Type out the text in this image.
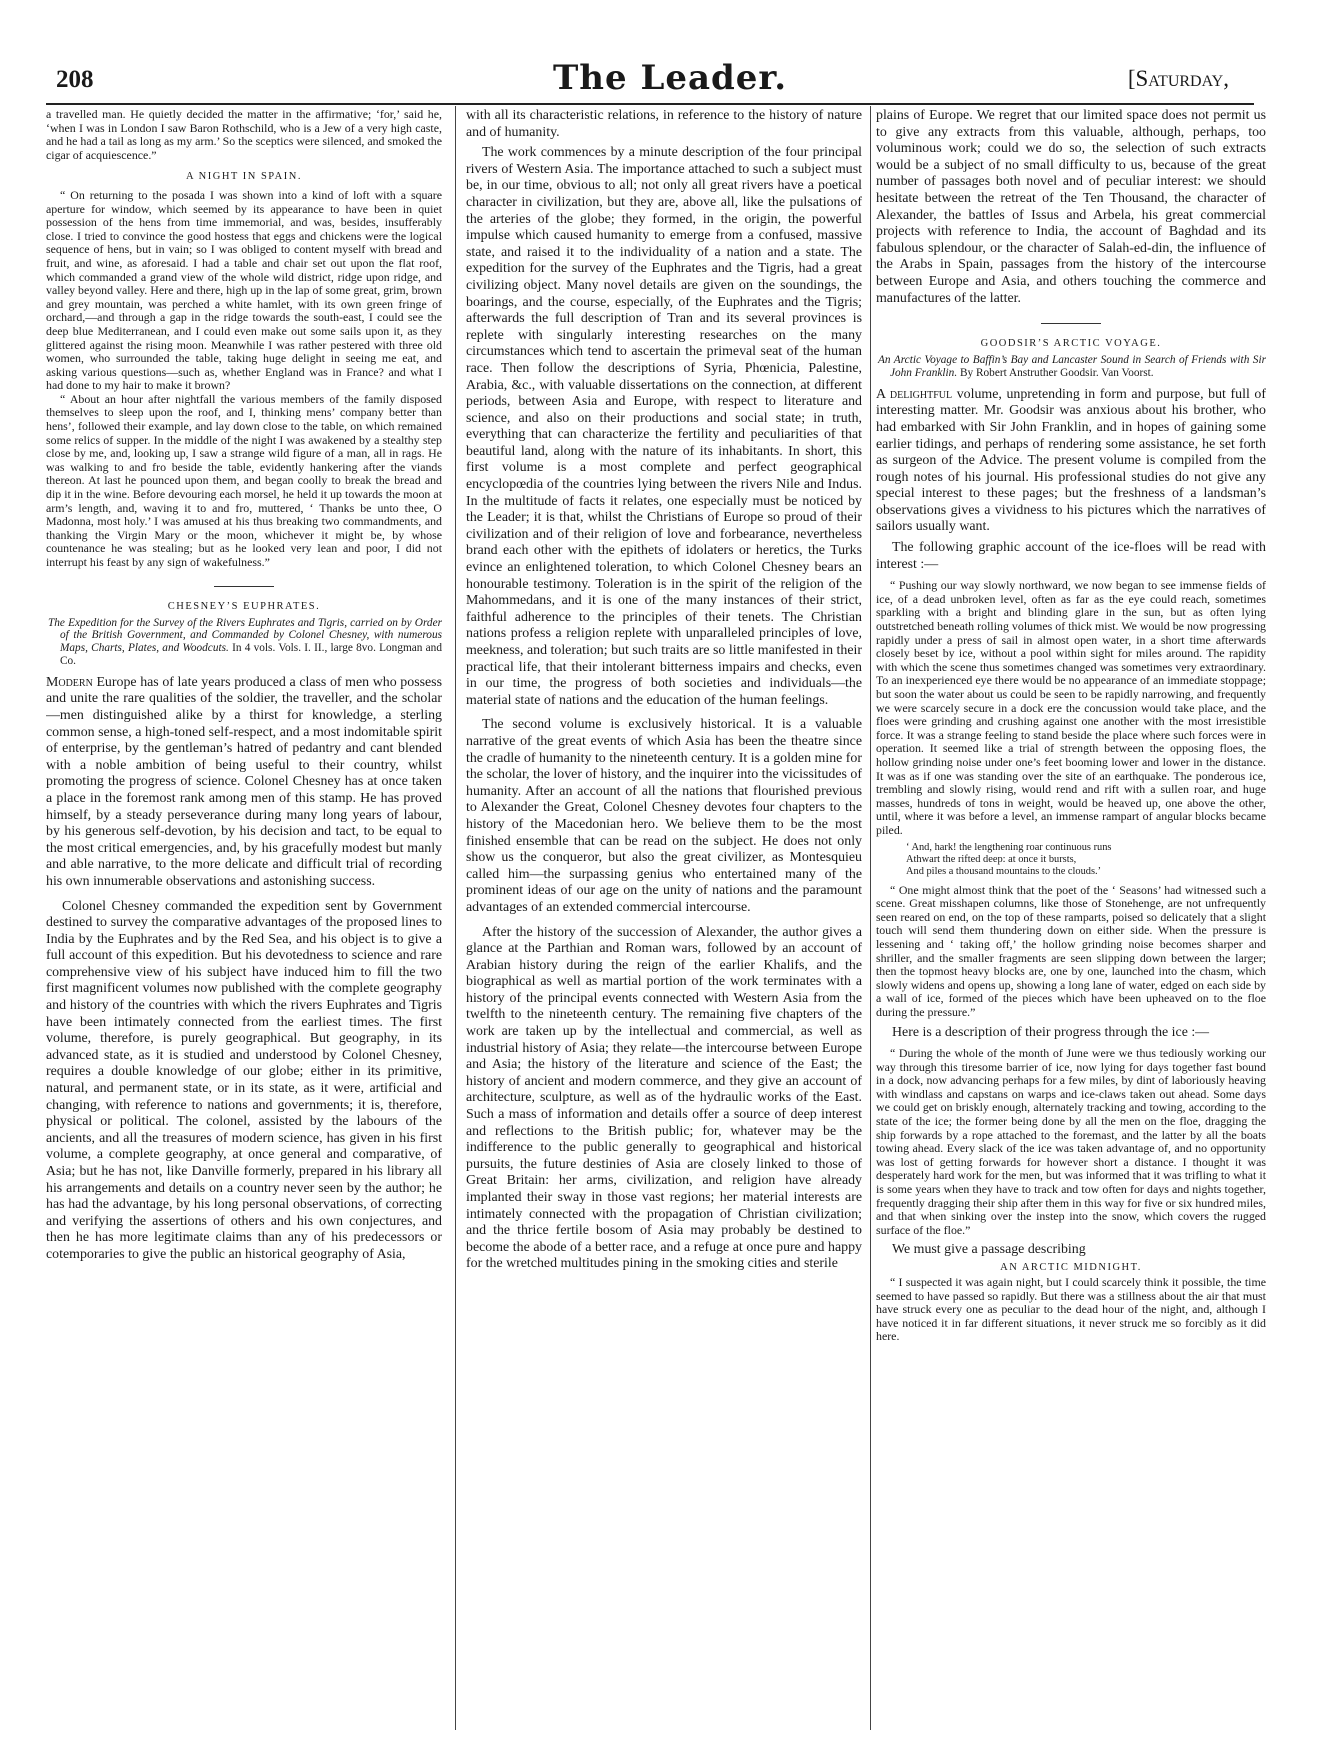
208	The Leader.	[Saturday,

a travelled man. He quietly decided the matter in the affirmative; ‘for,’ said he, ‘when I was in London I saw Baron Rothschild, who is a Jew of a very high caste, and he had a tail as long as my arm.’ So the sceptics were silenced, and smoked the cigar of acquiescence.”

A NIGHT IN SPAIN.

“ On returning to the posada I was shown into a kind of loft with a square aperture for window, which seemed by its appearance to have been in quiet possession of the hens from time immemorial, and was, besides, insufferably close. I tried to convince the good hostess that eggs and chickens were the logical sequence of hens, but in vain; so I was obliged to content myself with bread and fruit, and wine, as aforesaid. I had a table and chair set out upon the flat roof, which commanded a grand view of the whole wild district, ridge upon ridge, and valley beyond valley. Here and there, high up in the lap of some great, grim, brown and grey mountain, was perched a white hamlet, with its own green fringe of orchard,—and through a gap in the ridge towards the south-east, I could see the deep blue Mediterranean, and I could even make out some sails upon it, as they glittered against the rising moon. Meanwhile I was rather pestered with three old women, who surrounded the table, taking huge delight in seeing me eat, and asking various questions—such as, whether England was in France? and what I had done to my hair to make it brown?

“ About an hour after nightfall the various members of the family disposed themselves to sleep upon the roof, and I, thinking mens’ company better than hens’, followed their example, and lay down close to the table, on which remained some relics of supper. In the middle of the night I was awakened by a stealthy step close by me, and, looking up, I saw a strange wild figure of a man, all in rags. He was walking to and fro beside the table, evidently hankering after the viands thereon. At last he pounced upon them, and began coolly to break the bread and dip it in the wine. Before devouring each morsel, he held it up towards the moon at arm’s length, and, waving it to and fro, muttered, ‘ Thanks be unto thee, O Madonna, most holy.’ I was amused at his thus breaking two commandments, and thanking the Virgin Mary or the moon, whichever it might be, by whose countenance he was stealing; but as he looked very lean and poor, I did not interrupt his feast by any sign of wakefulness.”

CHESNEY’S EUPHRATES.
The Expedition for the Survey of the Rivers Euphrates and Tigris, carried on by Order of the British Government, and Commanded by Colonel Chesney, with numerous Maps, Charts, Plates, and Woodcuts. In 4 vols. Vols. I. II., large 8vo. Longman and Co.

Modern Europe has of late years produced a class of men who possess and unite the rare qualities of the soldier, the traveller, and the scholar—men distinguished alike by a thirst for knowledge, a sterling common sense, a high-toned self-respect, and a most indomitable spirit of enterprise, by the gentleman’s hatred of pedantry and cant blended with a noble ambition of being useful to their country, whilst promoting the progress of science. Colonel Chesney has at once taken a place in the foremost rank among men of this stamp. He has proved himself, by a steady perseverance during many long years of labour, by his generous self-devotion, by his decision and tact, to be equal to the most critical emergencies, and, by his gracefully modest but manly and able narrative, to the more delicate and difficult trial of recording his own innumerable observations and astonishing success.

Colonel Chesney commanded the expedition sent by Government destined to survey the comparative advantages of the proposed lines to India by the Euphrates and by the Red Sea, and his object is to give a full account of this expedition. But his devotedness to science and rare comprehensive view of his subject have induced him to fill the two first magnificent volumes now published with the complete geography and history of the countries with which the rivers Euphrates and Tigris have been intimately connected from the earliest times. The first volume, therefore, is purely geographical. But geography, in its advanced state, as it is studied and understood by Colonel Chesney, requires a double knowledge of our globe; either in its primitive, natural, and permanent state, or in its state, as it were, artificial and changing, with reference to nations and governments; it is, therefore, physical or political. The colonel, assisted by the labours of the ancients, and all the treasures of modern science, has given in his first volume, a complete geography, at once general and comparative, of Asia; but he has not, like Danville formerly, prepared in his library all his arrangements and details on a country never seen by the author; he has had the advantage, by his long personal observations, of correcting and verifying the assertions of others and his own conjectures, and then he has more legitimate claims than any of his predecessors or cotemporaries to give the public an historical geography of Asia,

with all its characteristic relations, in reference to the history of nature and of humanity.

The work commences by a minute description of the four principal rivers of Western Asia. The importance attached to such a subject must be, in our time, obvious to all; not only all great rivers have a poetical character in civilization, but they are, above all, like the pulsations of the arteries of the globe; they formed, in the origin, the powerful impulse which caused humanity to emerge from a confused, massive state, and raised it to the individuality of a nation and a state. The expedition for the survey of the Euphrates and the Tigris, had a great civilizing object. Many novel details are given on the soundings, the boarings, and the course, especially, of the Euphrates and the Tigris; afterwards the full description of Tran and its several provinces is replete with singularly interesting researches on the many circumstances which tend to ascertain the primeval seat of the human race. Then follow the descriptions of Syria, Phœnicia, Palestine, Arabia, &c., with valuable dissertations on the connection, at different periods, between Asia and Europe, with respect to literature and science, and also on their productions and social state; in truth, everything that can characterize the fertility and peculiarities of that beautiful land, along with the nature of its inhabitants. In short, this first volume is a most complete and perfect geographical encyclopœdia of the countries lying between the rivers Nile and Indus. In the multitude of facts it relates, one especially must be noticed by the Leader; it is that, whilst the Christians of Europe so proud of their civilization and of their religion of love and forbearance, nevertheless brand each other with the epithets of idolaters or heretics, the Turks evince an enlightened toleration, to which Colonel Chesney bears an honourable testimony. Toleration is in the spirit of the religion of the Mahommedans, and it is one of the many instances of their strict, faithful adherence to the principles of their tenets. The Christian nations profess a religion replete with unparalleled principles of love, meekness, and toleration; but such traits are so little manifested in their practical life, that their intolerant bitterness impairs and checks, even in our time, the progress of both societies and individuals—the material state of nations and the education of the human feelings.

The second volume is exclusively historical. It is a valuable narrative of the great events of which Asia has been the theatre since the cradle of humanity to the nineteenth century. It is a golden mine for the scholar, the lover of history, and the inquirer into the vicissitudes of humanity. After an account of all the nations that flourished previous to Alexander the Great, Colonel Chesney devotes four chapters to the history of the Macedonian hero. We believe them to be the most finished ensemble that can be read on the subject. He does not only show us the conqueror, but also the great civilizer, as Montesquieu called him—the surpassing genius who entertained many of the prominent ideas of our age on the unity of nations and the paramount advantages of an extended commercial intercourse.

After the history of the succession of Alexander, the author gives a glance at the Parthian and Roman wars, followed by an account of Arabian history during the reign of the earlier Khalifs, and the biographical as well as martial portion of the work terminates with a history of the principal events connected with Western Asia from the twelfth to the nineteenth century. The remaining five chapters of the work are taken up by the intellectual and commercial, as well as industrial history of Asia; they relate—the intercourse between Europe and Asia; the history of the literature and science of the East; the history of ancient and modern commerce, and they give an account of architecture, sculpture, as well as of the hydraulic works of the East. Such a mass of information and details offer a source of deep interest and reflections to the British public; for, whatever may be the indifference to the public generally to geographical and historical pursuits, the future destinies of Asia are closely linked to those of Great Britain: her arms, civilization, and religion have already implanted their sway in those vast regions; her material interests are intimately connected with the propagation of Christian civilization; and the thrice fertile bosom of Asia may probably be destined to become the abode of a better race, and a refuge at once pure and happy for the wretched multitudes pining in the smoking cities and sterile

plains of Europe. We regret that our limited space does not permit us to give any extracts from this valuable, although, perhaps, too voluminous work; could we do so, the selection of such extracts would be a subject of no small difficulty to us, because of the great number of passages both novel and of peculiar interest: we should hesitate between the retreat of the Ten Thousand, the character of Alexander, the battles of Issus and Arbela, his great commercial projects with reference to India, the account of Baghdad and its fabulous splendour, or the character of Salah-ed-din, the influence of the Arabs in Spain, passages from the history of the intercourse between Europe and Asia, and others touching the commerce and manufactures of the latter.

GOODSIR’S ARCTIC VOYAGE.
An Arctic Voyage to Baffin’s Bay and Lancaster Sound in Search of Friends with Sir John Franklin. By Robert Anstruther Goodsir. Van Voorst.

A delightful volume, unpretending in form and purpose, but full of interesting matter. Mr. Goodsir was anxious about his brother, who had embarked with Sir John Franklin, and in hopes of gaining some earlier tidings, and perhaps of rendering some assistance, he set forth as surgeon of the Advice. The present volume is compiled from the rough notes of his journal. His professional studies do not give any special interest to these pages; but the freshness of a landsman’s observations gives a vividness to his pictures which the narratives of sailors usually want.

The following graphic account of the ice-floes will be read with interest :—

“ Pushing our way slowly northward, we now began to see immense fields of ice, of a dead unbroken level, often as far as the eye could reach, sometimes sparkling with a bright and blinding glare in the sun, but as often lying outstretched beneath rolling volumes of thick mist. We would be now progressing rapidly under a press of sail in almost open water, in a short time afterwards closely beset by ice, without a pool within sight for miles around. The rapidity with which the scene thus sometimes changed was sometimes very extraordinary. To an inexperienced eye there would be no appearance of an immediate stoppage; but soon the water about us could be seen to be rapidly narrowing, and frequently we were scarcely secure in a dock ere the concussion would take place, and the floes were grinding and crushing against one another with the most irresistible force. It was a strange feeling to stand beside the place where such forces were in operation. It seemed like a trial of strength between the opposing floes, the hollow grinding noise under one’s feet booming lower and lower in the distance. It was as if one was standing over the site of an earthquake. The ponderous ice, trembling and slowly rising, would rend and rift with a sullen roar, and huge masses, hundreds of tons in weight, would be heaved up, one above the other, until, where it was before a level, an immense rampart of angular blocks became piled.

‘ And, hark! the lengthening roar continuous runs
Athwart the rifted deep: at once it bursts,
And piles a thousand mountains to the clouds.’

“ One might almost think that the poet of the ‘ Seasons’ had witnessed such a scene. Great misshapen columns, like those of Stonehenge, are not unfrequently seen reared on end, on the top of these ramparts, poised so delicately that a slight touch will send them thundering down on either side. When the pressure is lessening and ‘ taking off,’ the hollow grinding noise becomes sharper and shriller, and the smaller fragments are seen slipping down between the larger; then the topmost heavy blocks are, one by one, launched into the chasm, which slowly widens and opens up, showing a long lane of water, edged on each side by a wall of ice, formed of the pieces which have been upheaved on to the floe during the pressure.”

Here is a description of their progress through the ice :—

“ During the whole of the month of June were we thus tediously working our way through this tiresome barrier of ice, now lying for days together fast bound in a dock, now advancing perhaps for a few miles, by dint of laboriously heaving with windlass and capstans on warps and ice-claws taken out ahead. Some days we could get on briskly enough, alternately tracking and towing, according to the state of the ice; the former being done by all the men on the floe, dragging the ship forwards by a rope attached to the foremast, and the latter by all the boats towing ahead. Every slack of the ice was taken advantage of, and no opportunity was lost of getting forwards for however short a distance. I thought it was desperately hard work for the men, but was informed that it was trifling to what it is some years when they have to track and tow often for days and nights together, frequently dragging their ship after them in this way for five or six hundred miles, and that when sinking over the instep into the snow, which covers the rugged surface of the floe.”

We must give a passage describing

AN ARCTIC MIDNIGHT.

“ I suspected it was again night, but I could scarcely think it possible, the time seemed to have passed so rapidly. But there was a stillness about the air that must have struck every one as peculiar to the dead hour of the night, and, although I have noticed it in far different situations, it never struck me so forcibly as it did here.
